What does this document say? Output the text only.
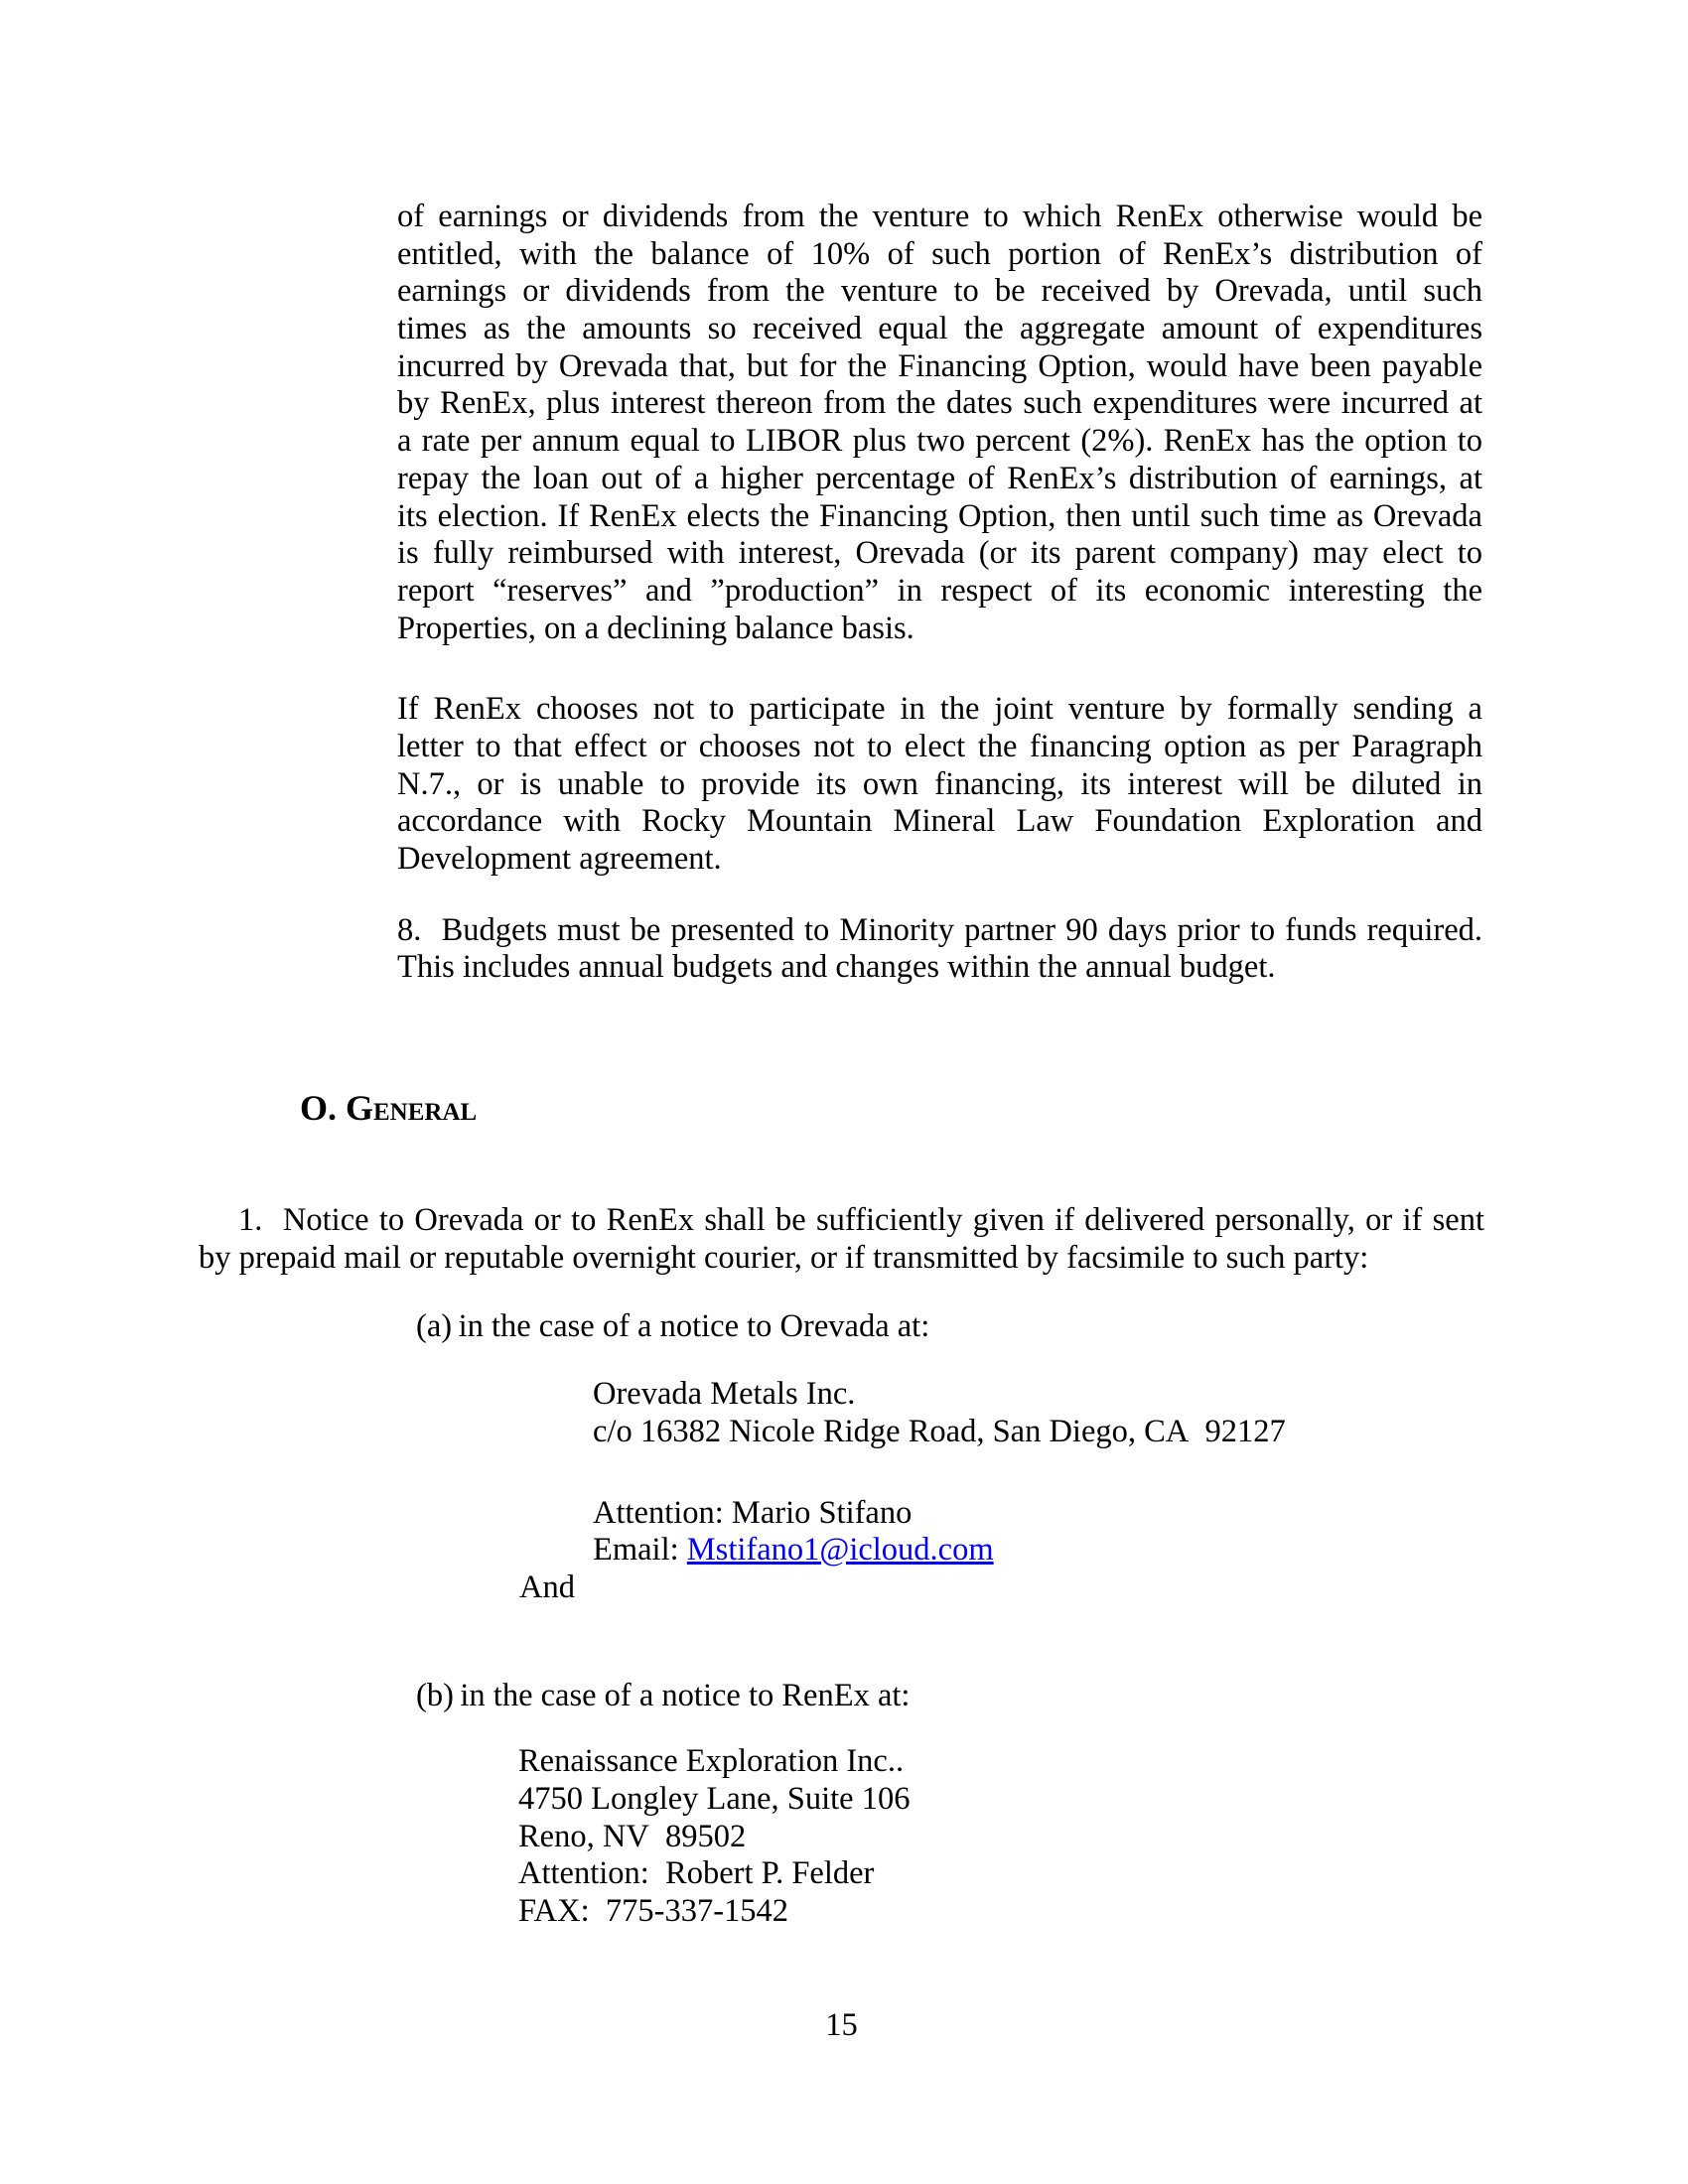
of earnings or dividends from the venture to which RenEx otherwise would be
entitled, with the balance of 10% of such portion of RenEx’s distribution of
earnings or dividends from the venture to be received by Orevada, until such
times as the amounts so received equal the aggregate amount of expenditures
incurred by Orevada that, but for the Financing Option, would have been payable
by RenEx, plus interest thereon from the dates such expenditures were incurred at
a rate per annum equal to LIBOR plus two percent (2%). RenEx has the option to
repay the loan out of a higher percentage of RenEx’s distribution of earnings, at
its election. If RenEx elects the Financing Option, then until such time as Orevada
is fully reimbursed with interest, Orevada (or its parent company) may elect to
report “reserves” and ”production” in respect of its economic interesting the
Properties, on a declining balance basis.
If RenEx chooses not to participate in the joint venture by formally sending a
letter to that effect or chooses not to elect the financing option as per Paragraph
N.7., or is unable to provide its own financing, its interest will be diluted in
accordance with Rocky Mountain Mineral Law Foundation Exploration and
Development agreement.
8.  Budgets must be presented to Minority partner 90 days prior to funds required.
This includes annual budgets and changes within the annual budget.
O. General
1.  Notice to Orevada or to RenEx shall be sufficiently given if delivered personally, or if sent
by prepaid mail or reputable overnight courier, or if transmitted by facsimile to such party:
(a) in the case of a notice to Orevada at:
Orevada Metals Inc.
c/o 16382 Nicole Ridge Road, San Diego, CA  92127
Attention: Mario Stifano
Email: Mstifano1@icloud.com
And
(b) in the case of a notice to RenEx at:
Renaissance Exploration Inc..
4750 Longley Lane, Suite 106
Reno, NV  89502
Attention:  Robert P. Felder
FAX:  775-337-1542
15
